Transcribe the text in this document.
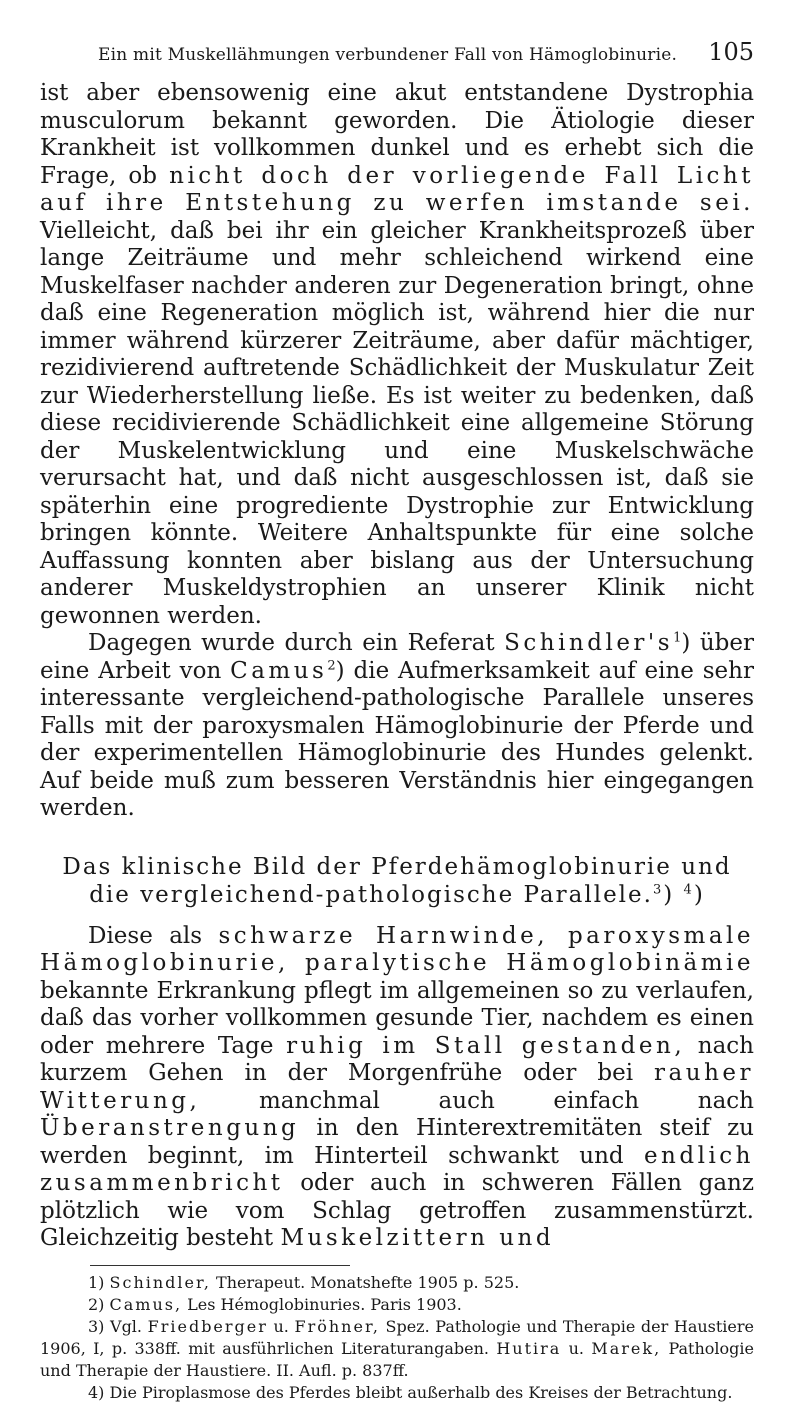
Ein mit Muskellähmungen verbundener Fall von Hämoglobinurie. 105

ist aber ebensowenig eine akut entstandene Dystrophia musculorum bekannt geworden. Die Ätiologie dieser Krankheit ist vollkommen dunkel und es erhebt sich die Frage, ob nicht doch der vorliegende Fall Licht auf ihre Entstehung zu werfen imstande sei. Vielleicht, daß bei ihr ein gleicher Krankheitsprozeß über lange Zeiträume und mehr schleichend wirkend eine Muskelfaser nachder anderen zur Degeneration bringt, ohne daß eine Regeneration möglich ist, während hier die nur immer während kürzerer Zeiträume, aber dafür mächtiger, rezidivierend auftretende Schädlichkeit der Muskulatur Zeit zur Wiederherstellung ließe. Es ist weiter zu bedenken, daß diese recidivierende Schädlichkeit eine allgemeine Störung der Muskelentwicklung und eine Muskelschwäche verursacht hat, und daß nicht ausgeschlossen ist, daß sie späterhin eine progrediente Dystrophie zur Entwicklung bringen könnte. Weitere Anhaltspunkte für eine solche Auffassung konnten aber bislang aus der Untersuchung anderer Muskeldystrophien an unserer Klinik nicht gewonnen werden.

Dagegen wurde durch ein Referat $Schindler's^1$) über eine Arbeit von Camus$^2$) die Aufmerksamkeit auf eine sehr interessante vergleichend-pathologische Parallele unseres Falls mit der paroxysmalen Hämoglobinurie der Pferde und der experimentellen Hämoglobinurie des Hundes gelenkt. Auf beide muß zum besseren Verständnis hier eingegangen werden.

Das klinische Bild der Pferdehämoglobinurie und die vergleichend-pathologische Parallele.$^3$) $^4$)

Diese als schwarze Harnwinde, paroxysmale Hämoglobinurie, paralytische Hämoglobinämie bekannte Erkrankung pflegt im allgemeinen so zu verlaufen, daß das vorher vollkommen gesunde Tier, nachdem es einen oder mehrere Tage ruhig im Stall gestanden, nach kurzem Gehen in der Morgenfrühe oder bei rauher Witterung, manchmal auch einfach nach Überanstrengung in den Hinterextremitäten steif zu werden beginnt, im Hinterteil schwankt und endlich zusammenbricht oder auch in schweren Fällen ganz plötzlich wie vom Schlag getroffen zusammenstürzt. Gleichzeitig besteht Muskelzittern und

1) Schindler, Therapeut. Monatshefte 1905 p. 525.

2) Camus, Les Hémoglobinuries. Paris 1903.

3) Vgl. Friedberger u. Fröhner, Spez. Pathologie und Therapie der Haustiere 1906, I, p. 338ff. mit ausführlichen Literaturangaben. Hutira u. Marek, Pathologie und Therapie der Haustiere. II. Aufl. p. 837ff.

4) Die Piroplasmose des Pferdes bleibt außerhalb des Kreises der Betrachtung.
